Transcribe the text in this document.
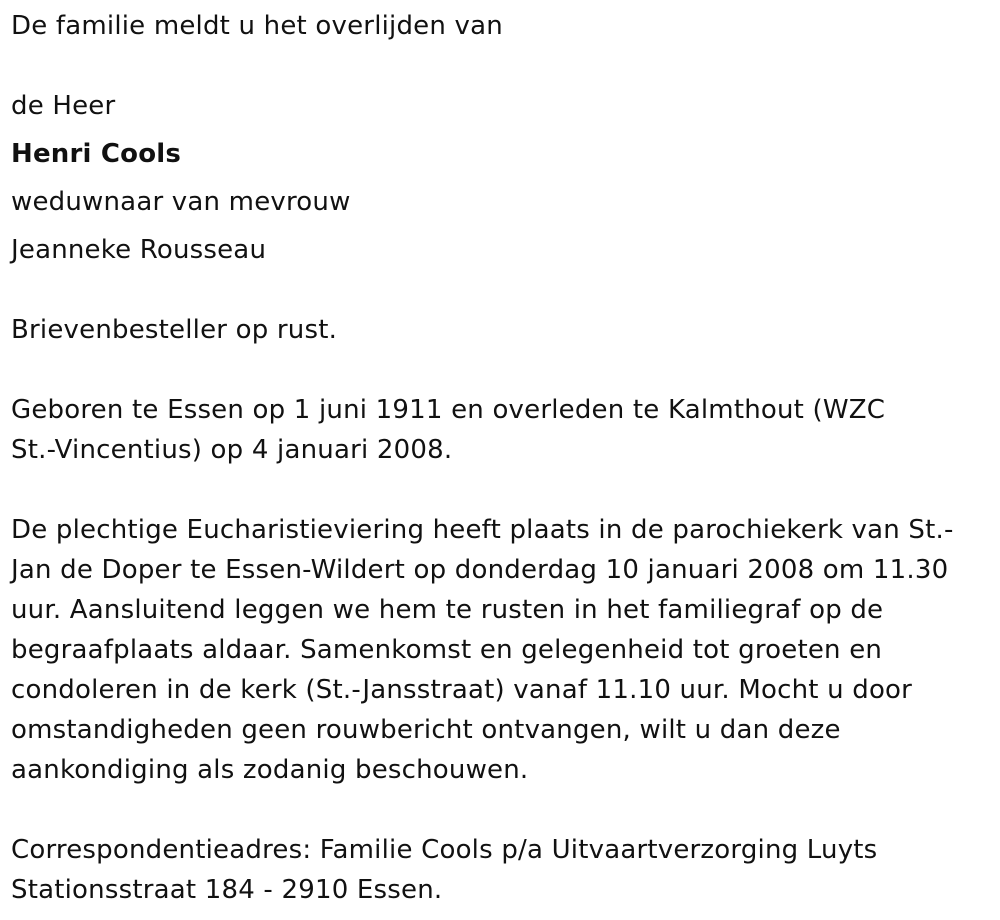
De familie meldt u het overlijden van

de Heer

Henri Cools

weduwnaar van mevrouw

Jeanneke Rousseau

Brievenbesteller op rust.

Geboren te Essen op 1 juni 1911 en overleden te Kalmthout (WZC St.-Vincentius) op 4 januari 2008.

De plechtige Eucharistieviering heeft plaats in de parochiekerk van St.-Jan de Doper te Essen-Wildert op donderdag 10 januari 2008 om 11.30 uur. Aansluitend leggen we hem te rusten in het familiegraf op de begraafplaats aldaar. Samenkomst en gelegenheid tot groeten en condoleren in de kerk (St.-Jansstraat) vanaf 11.10 uur. Mocht u door omstandigheden geen rouwbericht ontvangen, wilt u dan deze aankondiging als zodanig beschouwen.

Correspondentieadres: Familie Cools p/a Uitvaartverzorging Luyts Stationsstraat 184 - 2910 Essen.
